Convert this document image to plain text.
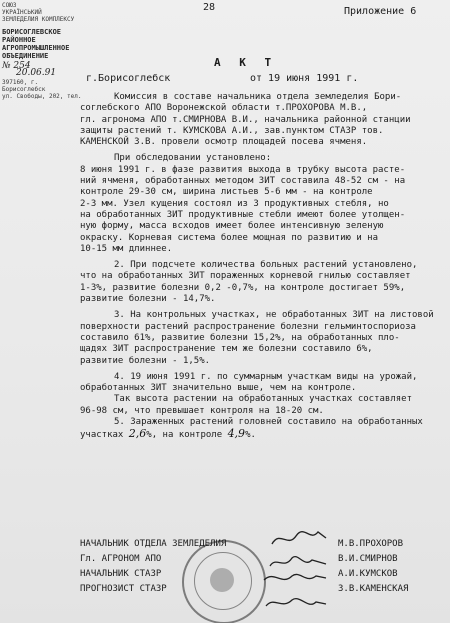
28	Приложение 6
СОЮЗ
УКРАЇНСЬКИЙ
ЗЕМЛЕДЕЛИЯ КОМПЛЕКСУ
БОРИСОГЛЕВСКОЕ
РАЙОННОЕ
АГРОПРОМЫШЛЕННОЕ
ОБЪЕДИНЕНИЕ
№ 254
20.06.91
397160, г. Борисоглебск
ул. Свободы, 202, тел.
А К Т
г.Борисоглебск	от 19 июня 1991 г.

Комиссия в составе начальника отдела земледелия Бори-

соглебского АПО Воронежской области т.ПРОХОРОВА М.В.,

гл. агронома АПО т.СМИРНОВА В.И., начальника районной станции

защиты растений т. КУМСКОВА А.И., зав.пунктом СТАЗР тов.

КАМЕНСКОЙ З.В. провели осмотр площадей посева ячменя.

При обследовании установлено:

8 июня 1991 г. в фазе развития выхода в трубку высота расте-

ний ячменя, обработанных методом ЗИТ составила 48-52 см - на

контроле 29-30 см, ширина листьев 5-6 мм - на контроле

2-3 мм. Узел кущения состоял из 3 продуктивных стебля, но

на обработанных ЗИТ продуктивные стебли имеют более утолщен-

ную форму, масса всходов имеет более интенсивную зеленую

окраску. Корневая система более мощная по развитию и на

10-15 мм длиннее.

2. При подсчете количества больных растений установлено,

что на обработанных ЗИТ пораженных корневой гнилью составляет

1-3%, развитие болезни 0,2 -0,7%, на контроле достигает 59%,

развитие болезни - 14,7%.

3. На контрольных участках, не обработанных ЗИТ на листовой

поверхности растений распространение болезни гельминтоспориоза

составило 61%, развитие болезни 15,2%, на обработанных пло-

щадях ЗИТ распространение тем же болезни составило 6%,

развитие болезни - 1,5%.

4. 19 июня 1991 г. по суммарным участкам виды на урожай,

обработанных ЗИТ значительно выше, чем на контроле.

Так высота растении на обработанных участках составляет

96-98 см, что превышает контроля на 18-20 см.

5. Зараженных растений головней составило на обработанных

участках 2,6%, на контроле 4,9%.

НАЧАЛЬНИК ОТДЕЛА ЗЕМЛЕДЕЛИЯ	М.В.ПРОХОРОВ
Гл. АГРОНОМ АПО	В.И.СМИРНОВ
НАЧАЛЬНИК СТАЗР	А.И.КУМСКОВ
ПРОГНОЗИСТ СТАЗР	З.В.КАМЕНСКАЯ
